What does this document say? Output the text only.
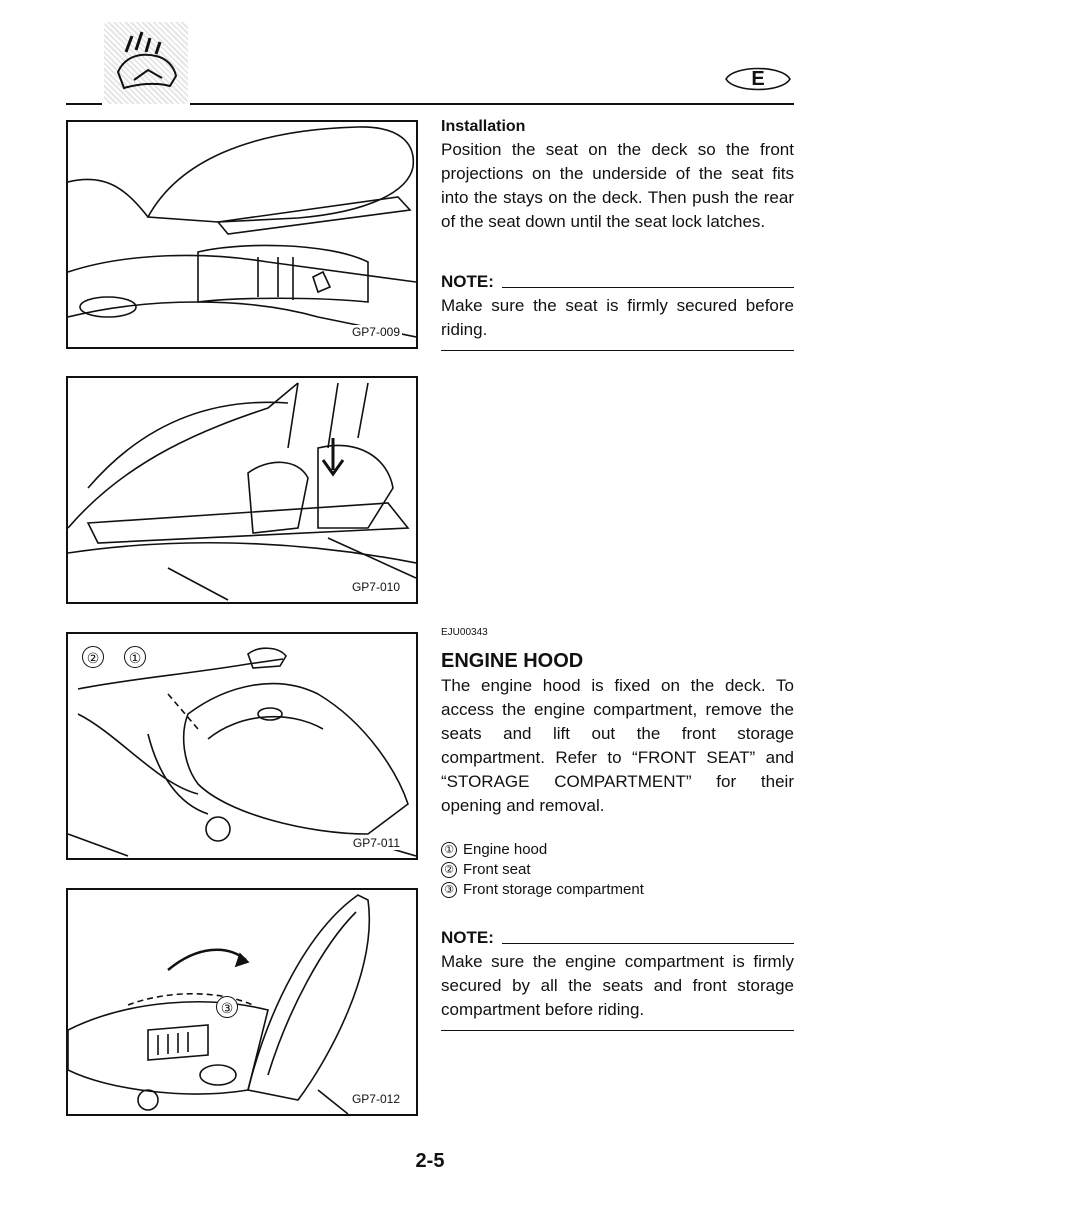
E
GP7-009
GP7-010
②	①
GP7-011
③
GP7-012

Installation

Position the seat on the deck so the front projections on the underside of the seat fits into the stays on the deck. Then push the rear of the seat down until the seat lock latches.

NOTE:

Make sure the seat is firmly secured before riding.

EJU00343

ENGINE HOOD

The engine hood is fixed on the deck. To access the engine compartment, remove the seats and lift out the front storage compartment. Refer to “FRONT SEAT” and “STORAGE COMPARTMENT” for their opening and removal.

① Engine hood
② Front seat
③ Front storage compartment
NOTE:

Make sure the engine compartment is firmly secured by all the seats and front storage compartment before riding.

2-5
